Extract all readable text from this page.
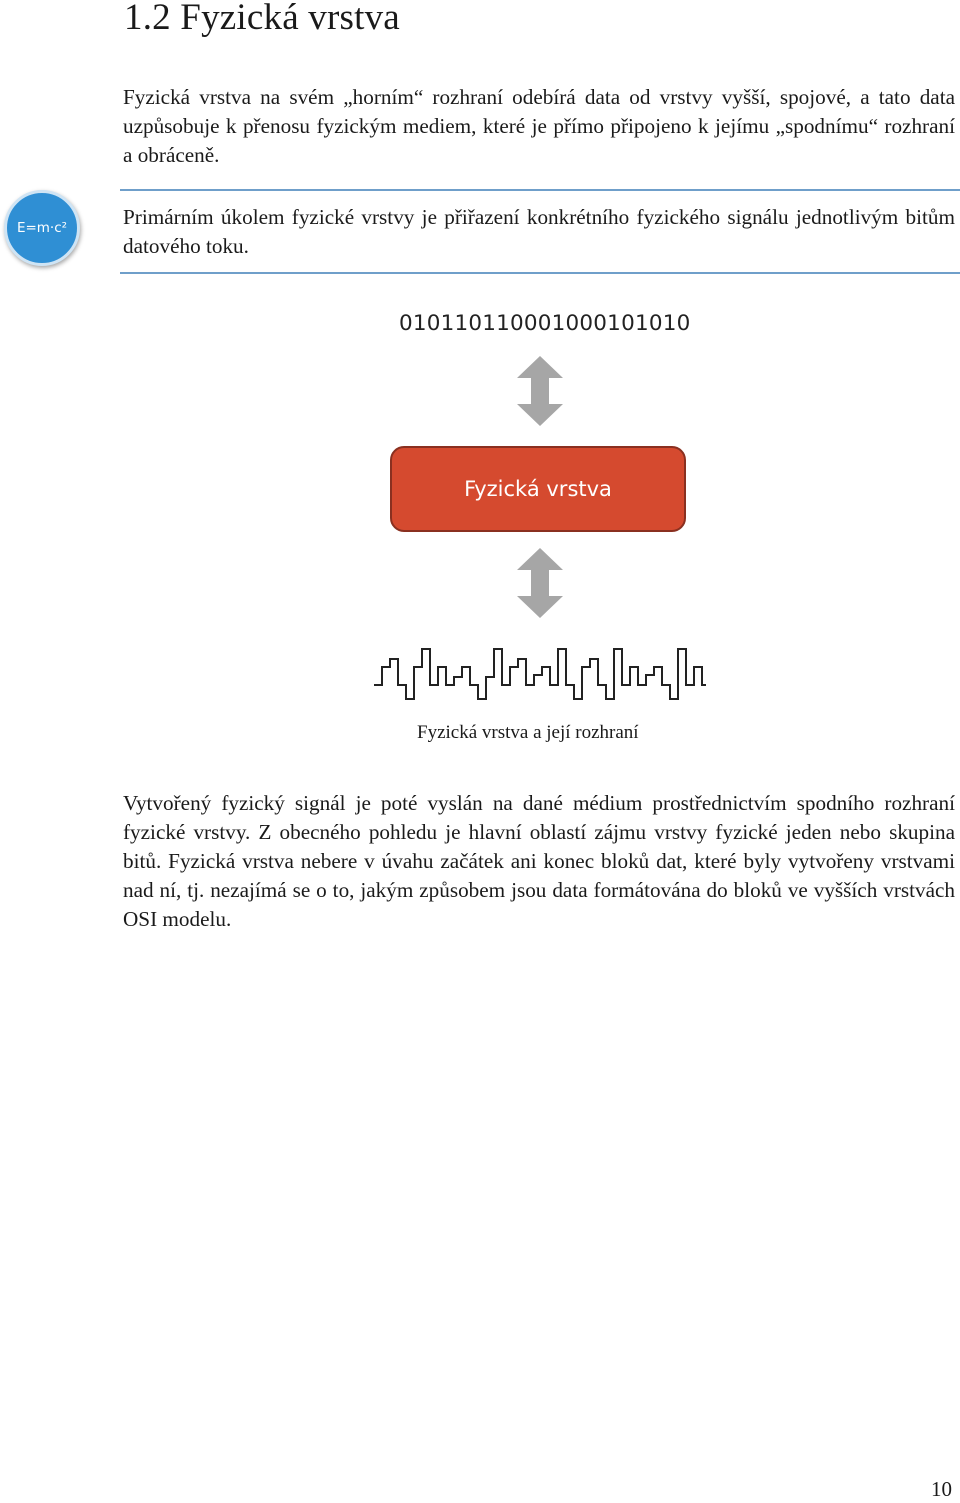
1.2 Fyzická vrstva

Fyzická vrstva na svém „horním“ rozhraní odebírá data od vrstvy vyšší, spojové, a tato data uzpůsobuje k přenosu fyzickým mediem, které je přímo připojeno k jejímu „spodnímu“ rozhraní a obráceně.

E=m·c²	Primárním úkolem fyzické vrstvy je přiřazení konkrétního fyzického signálu jednotlivým bitům datového toku.

01011011000100010101​0
Fyzická vrstva
Fyzická vrstva a její rozhraní

Vytvořený fyzický signál je poté vyslán na dané médium prostřednictvím spodního rozhraní fyzické vrstvy. Z obecného pohledu je hlavní oblastí zájmu vrstvy fyzické jeden nebo skupina bitů. Fyzická vrstva nebere v úvahu začátek ani konec bloků dat, které byly vytvořeny vrstvami nad ní, tj. nezajímá se o to, jakým způsobem jsou data formátována do bloků ve vyšších vrstvách OSI modelu.

10
